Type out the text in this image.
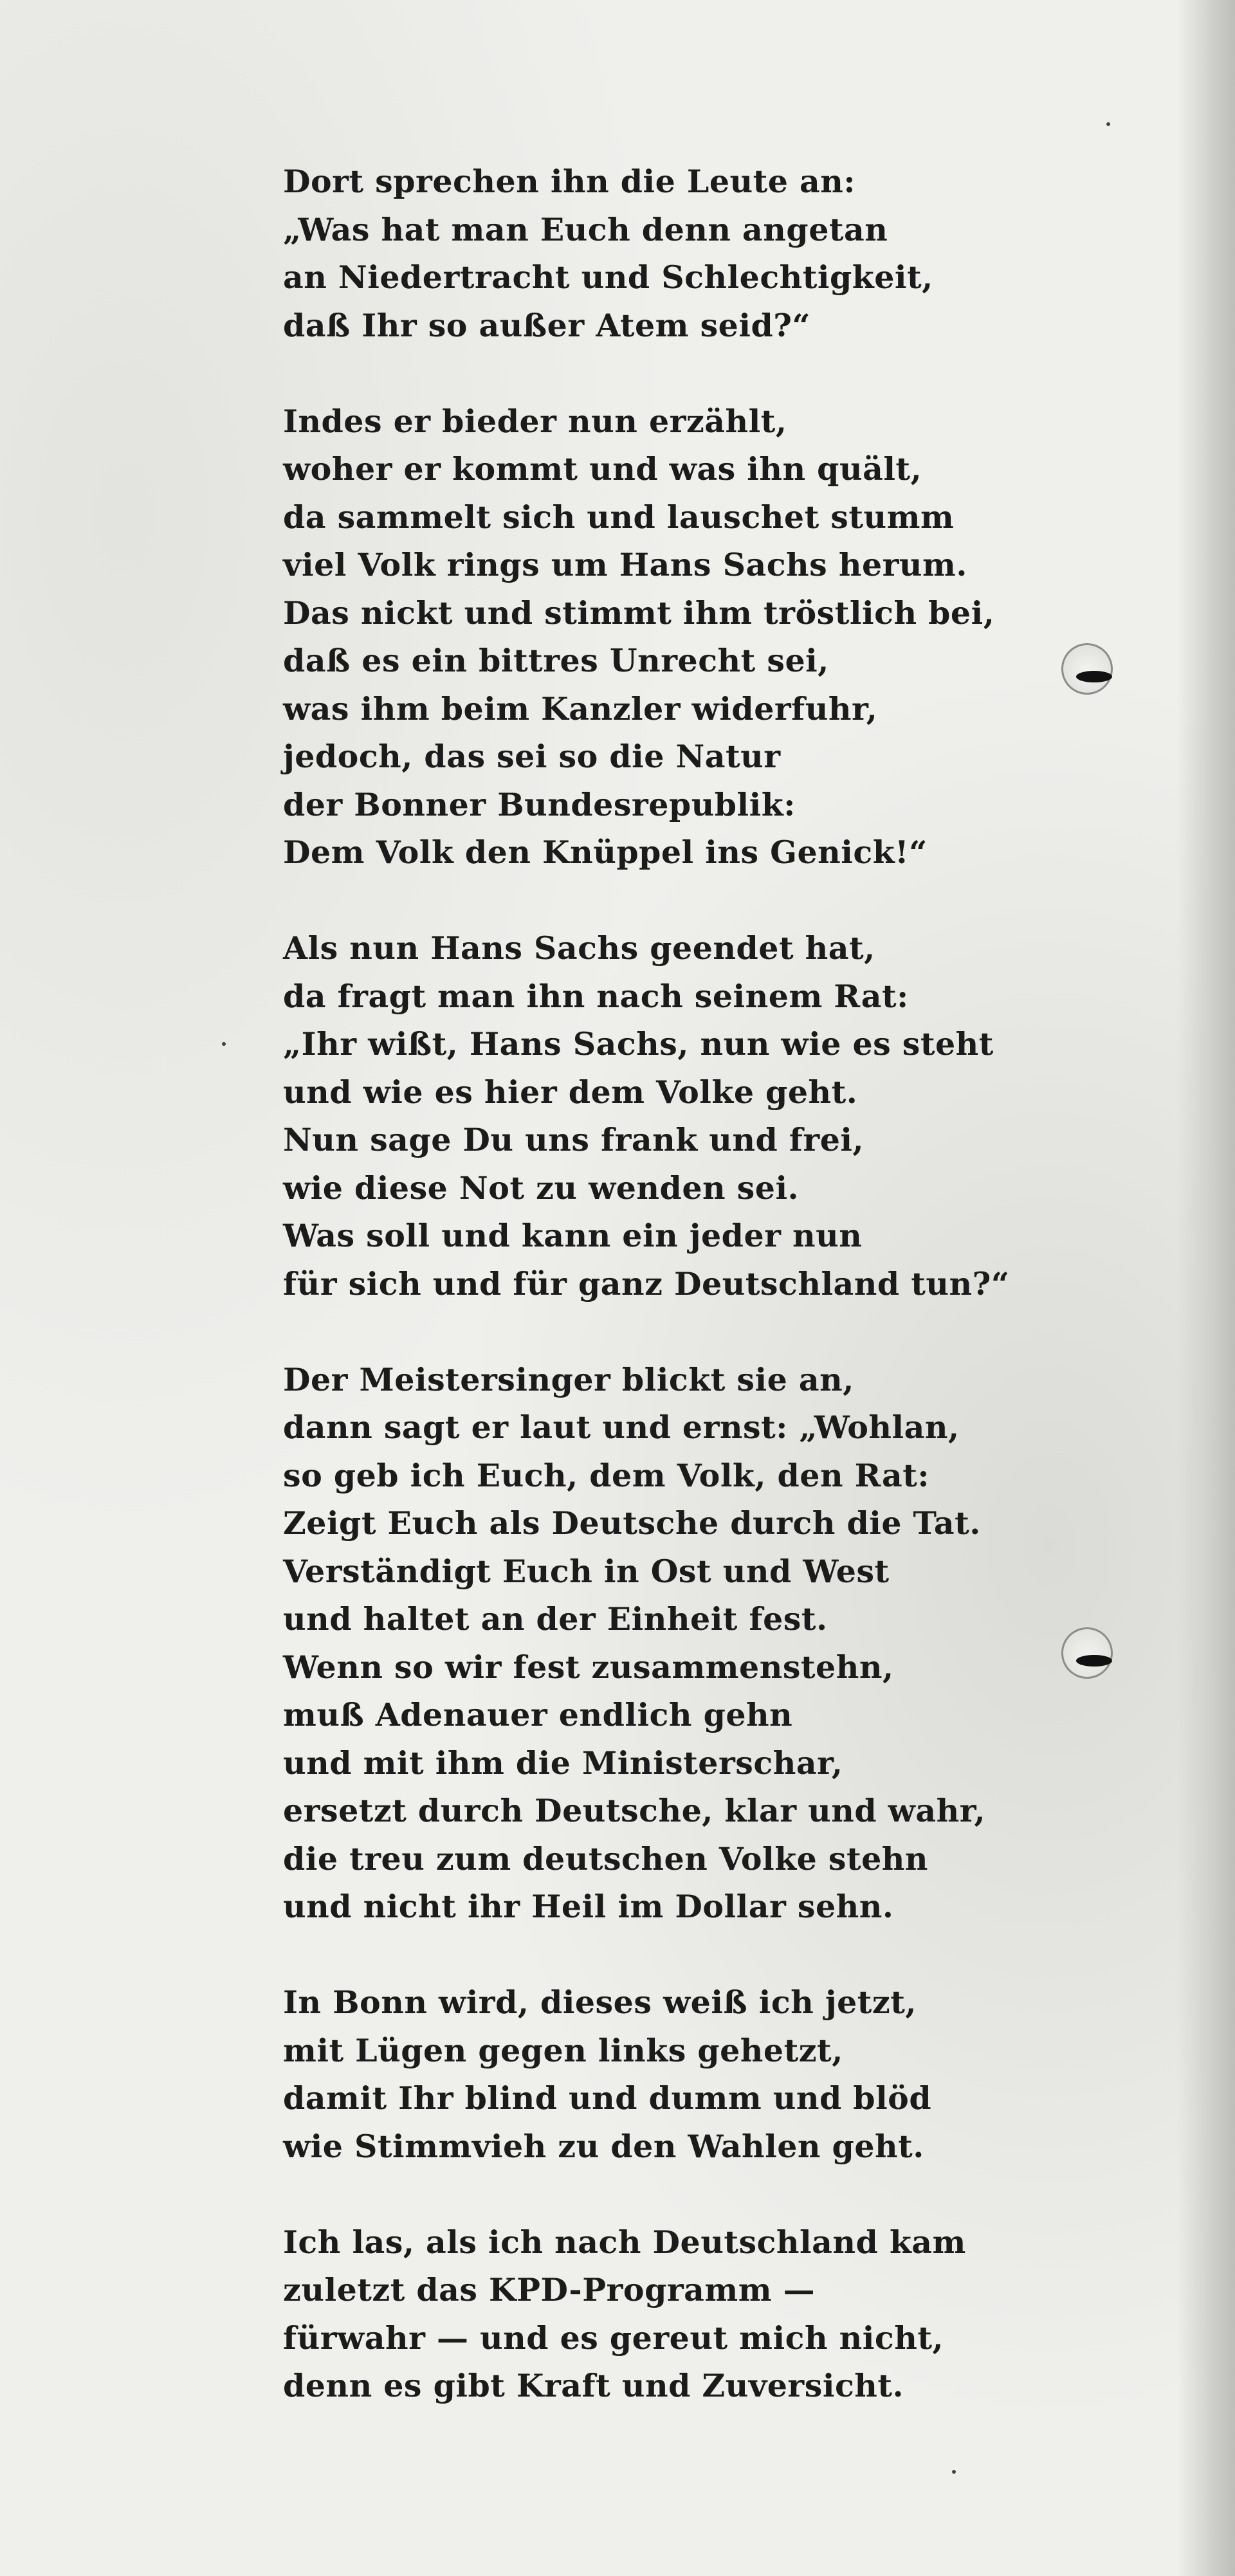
Dort sprechen ihn die Leute an:
„Was hat man Euch denn angetan
an Niedertracht und Schlechtigkeit,
daß Ihr so außer Atem seid?“
Indes er bieder nun erzählt,
woher er kommt und was ihn quält,
da sammelt sich und lauschet stumm
viel Volk rings um Hans Sachs herum.
Das nickt und stimmt ihm tröstlich bei,
daß es ein bittres Unrecht sei,
was ihm beim Kanzler widerfuhr,
jedoch, das sei so die Natur
der Bonner Bundesrepublik:
Dem Volk den Knüppel ins Genick!“
Als nun Hans Sachs geendet hat,
da fragt man ihn nach seinem Rat:
„Ihr wißt, Hans Sachs, nun wie es steht
und wie es hier dem Volke geht.
Nun sage Du uns frank und frei,
wie diese Not zu wenden sei.
Was soll und kann ein jeder nun
für sich und für ganz Deutschland tun?“
Der Meistersinger blickt sie an,
dann sagt er laut und ernst: „Wohlan,
so geb ich Euch, dem Volk, den Rat:
Zeigt Euch als Deutsche durch die Tat.
Verständigt Euch in Ost und West
und haltet an der Einheit fest.
Wenn so wir fest zusammenstehn,
muß Adenauer endlich gehn
und mit ihm die Ministerschar,
ersetzt durch Deutsche, klar und wahr,
die treu zum deutschen Volke stehn
und nicht ihr Heil im Dollar sehn.
In Bonn wird, dieses weiß ich jetzt,
mit Lügen gegen links gehetzt,
damit Ihr blind und dumm und blöd
wie Stimmvieh zu den Wahlen geht.
Ich las, als ich nach Deutschland kam
zuletzt das KPD-Programm —
fürwahr — und es gereut mich nicht,
denn es gibt Kraft und Zuversicht.
